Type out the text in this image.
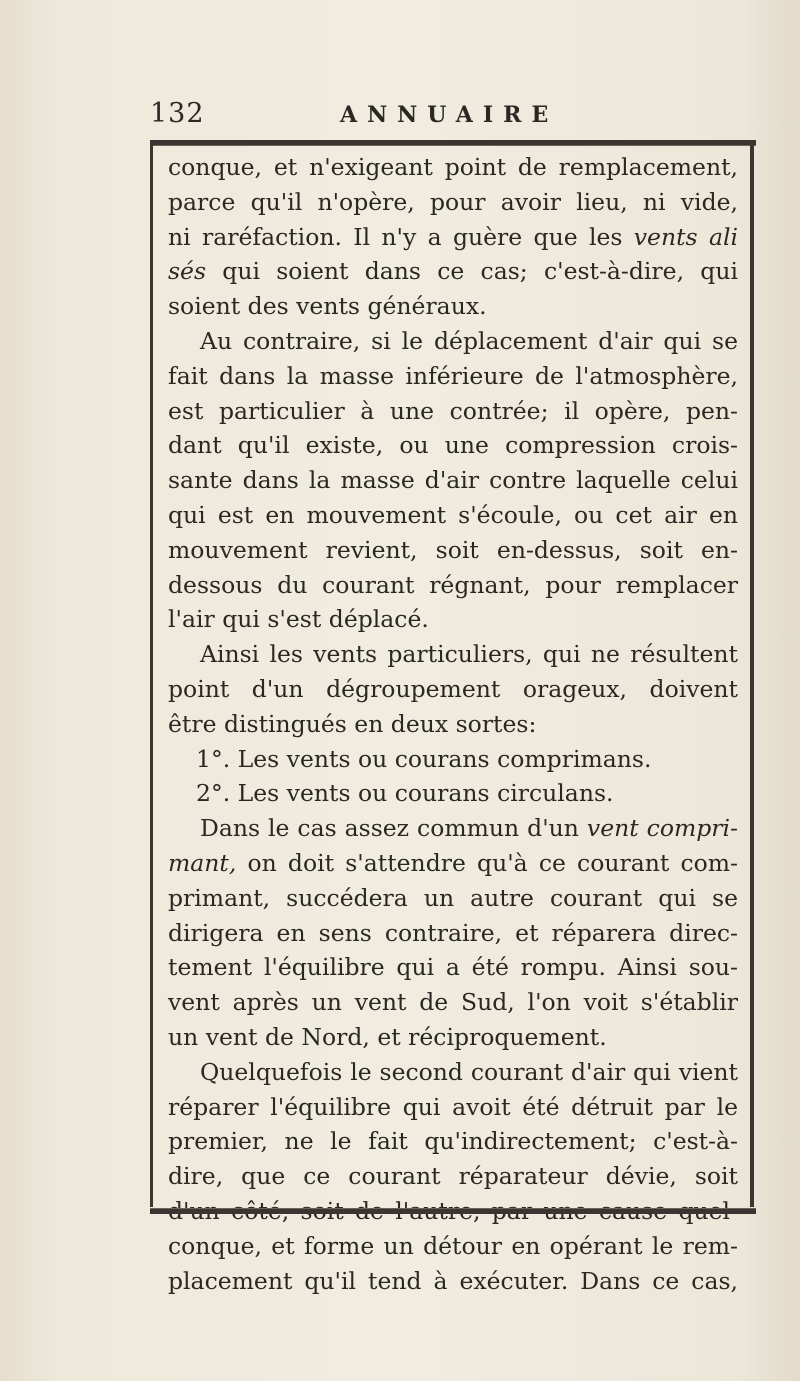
132	ANNUAIRE
conque, et n'exigeant point de remplacement,
parce qu'il n'opère, pour avoir lieu, ni vide,
ni raréfaction. Il n'y a guère que les vents ali
sés qui soient dans ce cas; c'est-à-dire, qui
soient des vents généraux.
Au contraire, si le déplacement d'air qui se
fait dans la masse inférieure de l'atmosphère,
est particulier à une contrée; il opère, pen-
dant qu'il existe, ou une compression crois-
sante dans la masse d'air contre laquelle celui
qui est en mouvement s'écoule, ou cet air en
mouvement revient, soit en-dessus, soit en-
dessous du courant régnant, pour remplacer
l'air qui s'est déplacé.
Ainsi les vents particuliers, qui ne résultent
point d'un dégroupement orageux, doivent
être distingués en deux sortes:
1°. Les vents ou courans comprimans.
2°. Les vents ou courans circulans.
Dans le cas assez commun d'un vent compri-
mant, on doit s'attendre qu'à ce courant com-
primant, succédera un autre courant qui se
dirigera en sens contraire, et réparera direc-
tement l'équilibre qui a été rompu. Ainsi sou-
vent après un vent de Sud, l'on voit s'établir
un vent de Nord, et réciproquement.
Quelquefois le second courant d'air qui vient
réparer l'équilibre qui avoit été détruit par le
premier, ne le fait qu'indirectement; c'est-à-
dire, que ce courant réparateur dévie, soit
conque, et forme un détour en opérant le rem-
placement qu'il tend à exécuter. Dans ce cas,
